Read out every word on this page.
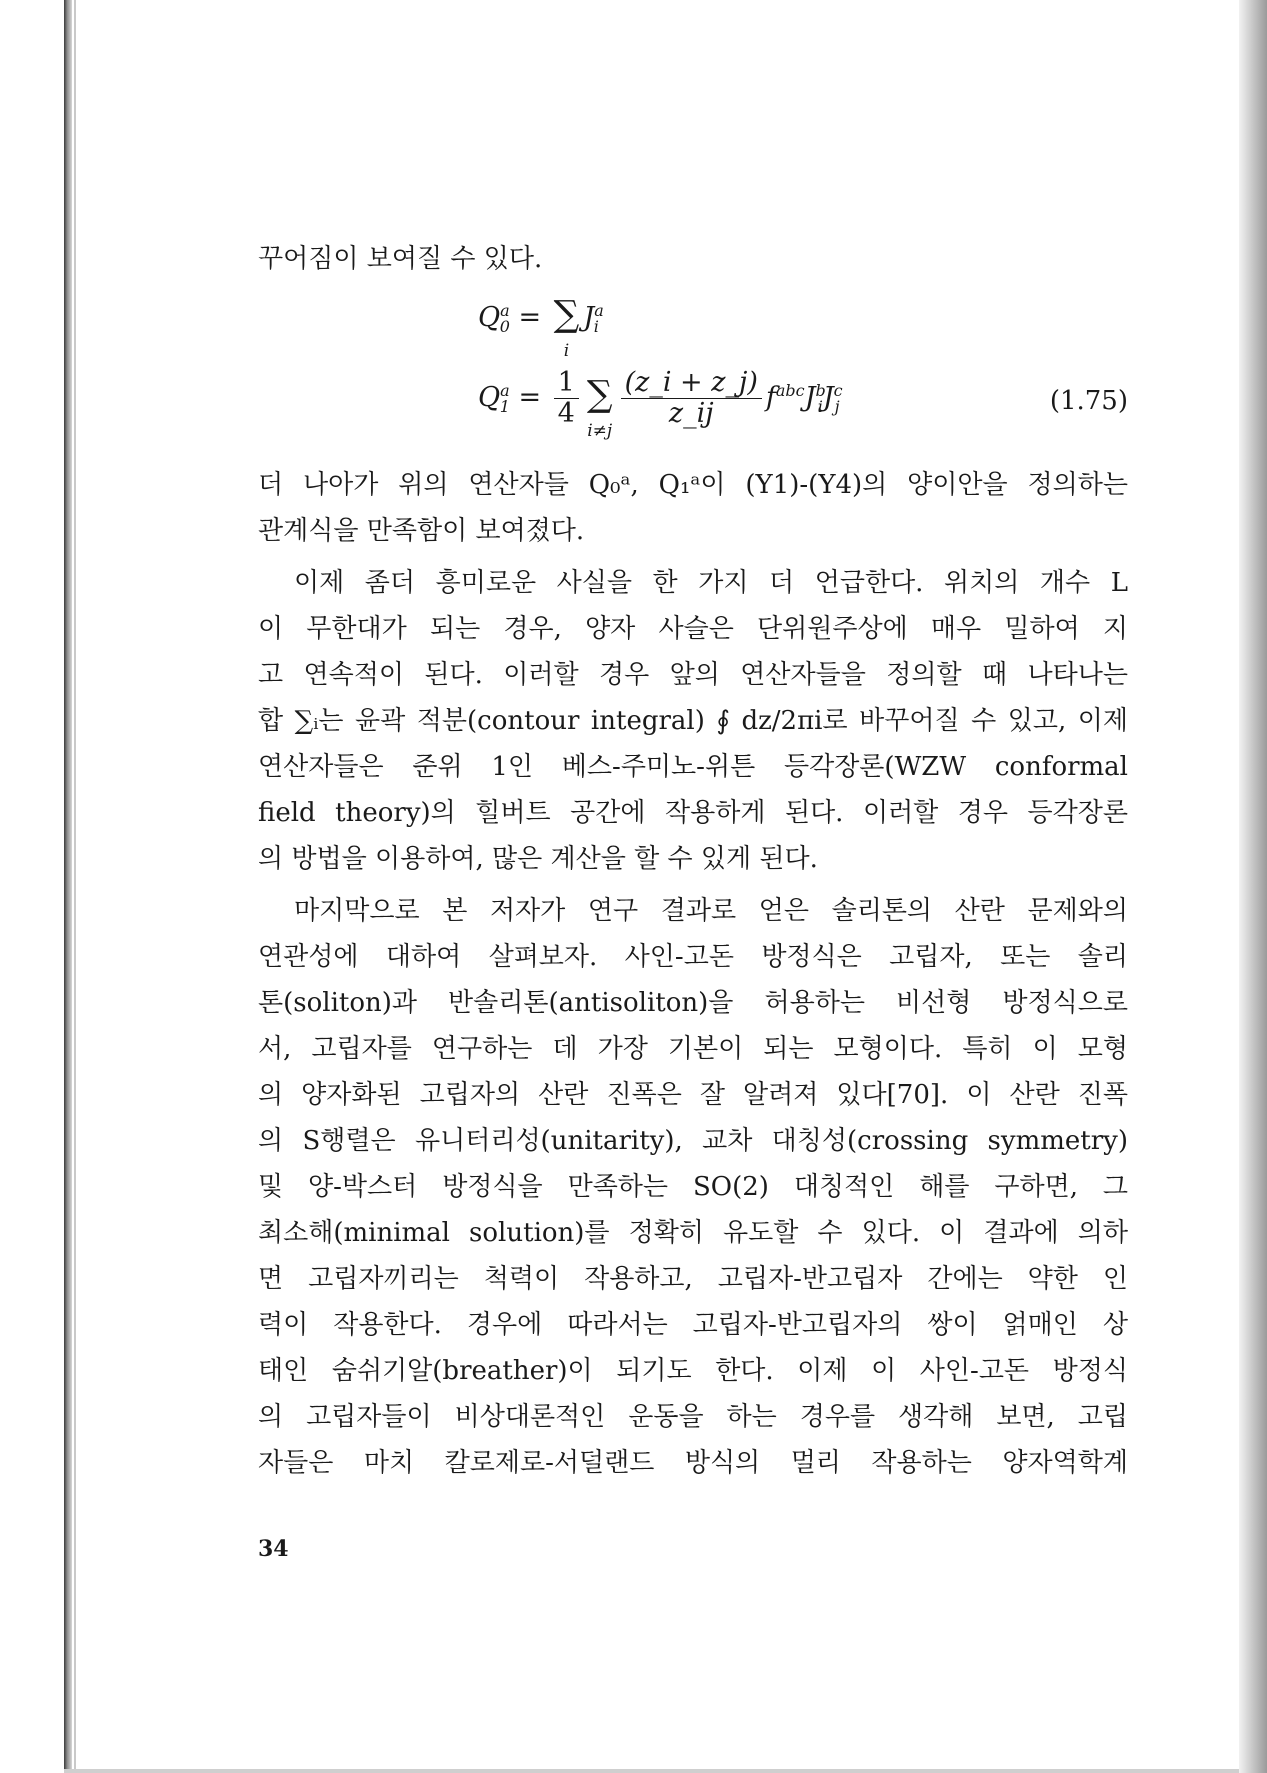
꾸어짐이 보여질 수 있다.
$Q^a_0$ = ∑
i
$J^a_i$
$Q^a_1 = \frac{1}{4}$ ∑
i≠j
$\frac{(z\_i + z\_j)}{z\_ij} f^{abc}J^b_iJ^c_j$	(1.75)
더 나아가 위의 연산자들 Q₀ᵃ, Q₁ᵃ이 (Y1)-(Y4)의 양이안을 정의하는
관계식을 만족함이 보여졌다.
이제 좀더 흥미로운 사실을 한 가지 더 언급한다. 위치의 개수 L
이 무한대가 되는 경우, 양자 사슬은 단위원주상에 매우 밀하여 지
고 연속적이 된다. 이러할 경우 앞의 연산자들을 정의할 때 나타나는
합 ∑ᵢ는 윤곽 적분(contour integral) ∮ dz/2πi로 바꾸어질 수 있고, 이제
연산자들은 준위 1인 베스-주미노-위튼 등각장론(WZW conformal
field theory)의 힐버트 공간에 작용하게 된다. 이러할 경우 등각장론
의 방법을 이용하여, 많은 계산을 할 수 있게 된다.
마지막으로 본 저자가 연구 결과로 얻은 솔리톤의 산란 문제와의
연관성에 대하여 살펴보자. 사인-고돈 방정식은 고립자, 또는 솔리
톤(soliton)과 반솔리톤(antisoliton)을 허용하는 비선형 방정식으로
서, 고립자를 연구하는 데 가장 기본이 되는 모형이다. 특히 이 모형
의 양자화된 고립자의 산란 진폭은 잘 알려져 있다[70]. 이 산란 진폭
의 S행렬은 유니터리성(unitarity), 교차 대칭성(crossing symmetry)
및 양-박스터 방정식을 만족하는 SO(2) 대칭적인 해를 구하면, 그
최소해(minimal solution)를 정확히 유도할 수 있다. 이 결과에 의하
면 고립자끼리는 척력이 작용하고, 고립자-반고립자 간에는 약한 인
력이 작용한다. 경우에 따라서는 고립자-반고립자의 쌍이 얽매인 상
태인 숨쉬기알(breather)이 되기도 한다. 이제 이 사인-고돈 방정식
의 고립자들이 비상대론적인 운동을 하는 경우를 생각해 보면, 고립
자들은 마치 칼로제로-서덜랜드 방식의 멀리 작용하는 양자역학계
34
